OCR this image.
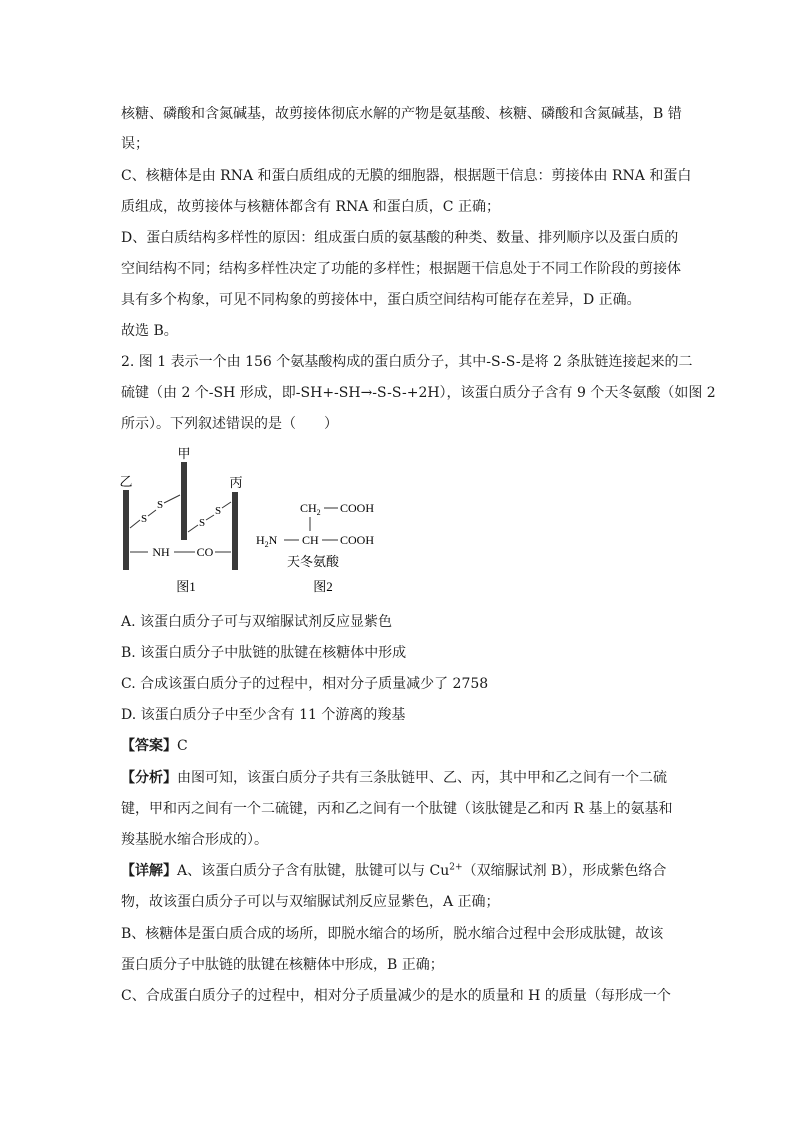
核糖、磷酸和含氮碱基，故剪接体彻底水解的产物是氨基酸、核糖、磷酸和含氮碱基，B 错
误；
C、核糖体是由 RNA 和蛋白质组成的无膜的细胞器，根据题干信息：剪接体由 RNA 和蛋白
质组成，故剪接体与核糖体都含有 RNA 和蛋白质，C 正确；
D、蛋白质结构多样性的原因：组成蛋白质的氨基酸的种类、数量、排列顺序以及蛋白质的
空间结构不同；结构多样性决定了功能的多样性；根据题干信息处于不同工作阶段的剪接体
具有多个构象，可见不同构象的剪接体中，蛋白质空间结构可能存在差异，D 正确。
故选 B。
2. 图 1 表示一个由 156 个氨基酸构成的蛋白质分子，其中-S-S-是将 2 条肽链连接起来的二
硫键（由 2 个-SH 形成，即-SH+-SH→-S-S-+2H），该蛋白质分子含有 9 个天冬氨酸（如图 2
所示）。下列叙述错误的是（　　）
甲
乙	丙
S
S
S
S
NH CO
图1
$CH_2$ COOH
$H_2N$ CH COOH
天冬氨酸
图2
A. 该蛋白质分子可与双缩脲试剂反应显紫色
B. 该蛋白质分子中肽链的肽键在核糖体中形成
C. 合成该蛋白质分子的过程中，相对分子质量减少了 2758
D. 该蛋白质分子中至少含有 11 个游离的羧基
【答案】C
【分析】由图可知，该蛋白质分子共有三条肽链甲、乙、丙，其中甲和乙之间有一个二硫
键，甲和丙之间有一个二硫键，丙和乙之间有一个肽键（该肽键是乙和丙 R 基上的氨基和
羧基脱水缩合形成的）。
【详解】A、该蛋白质分子含有肽键，肽键可以与 $Cu^{2+}$（双缩脲试剂 B），形成紫色络合
物，故该蛋白质分子可以与双缩脲试剂反应显紫色，A 正确；
B、核糖体是蛋白质合成的场所，即脱水缩合的场所，脱水缩合过程中会形成肽键，故该
蛋白质分子中肽链的肽键在核糖体中形成，B 正确；
C、合成蛋白质分子的过程中，相对分子质量减少的是水的质量和 H 的质量（每形成一个
